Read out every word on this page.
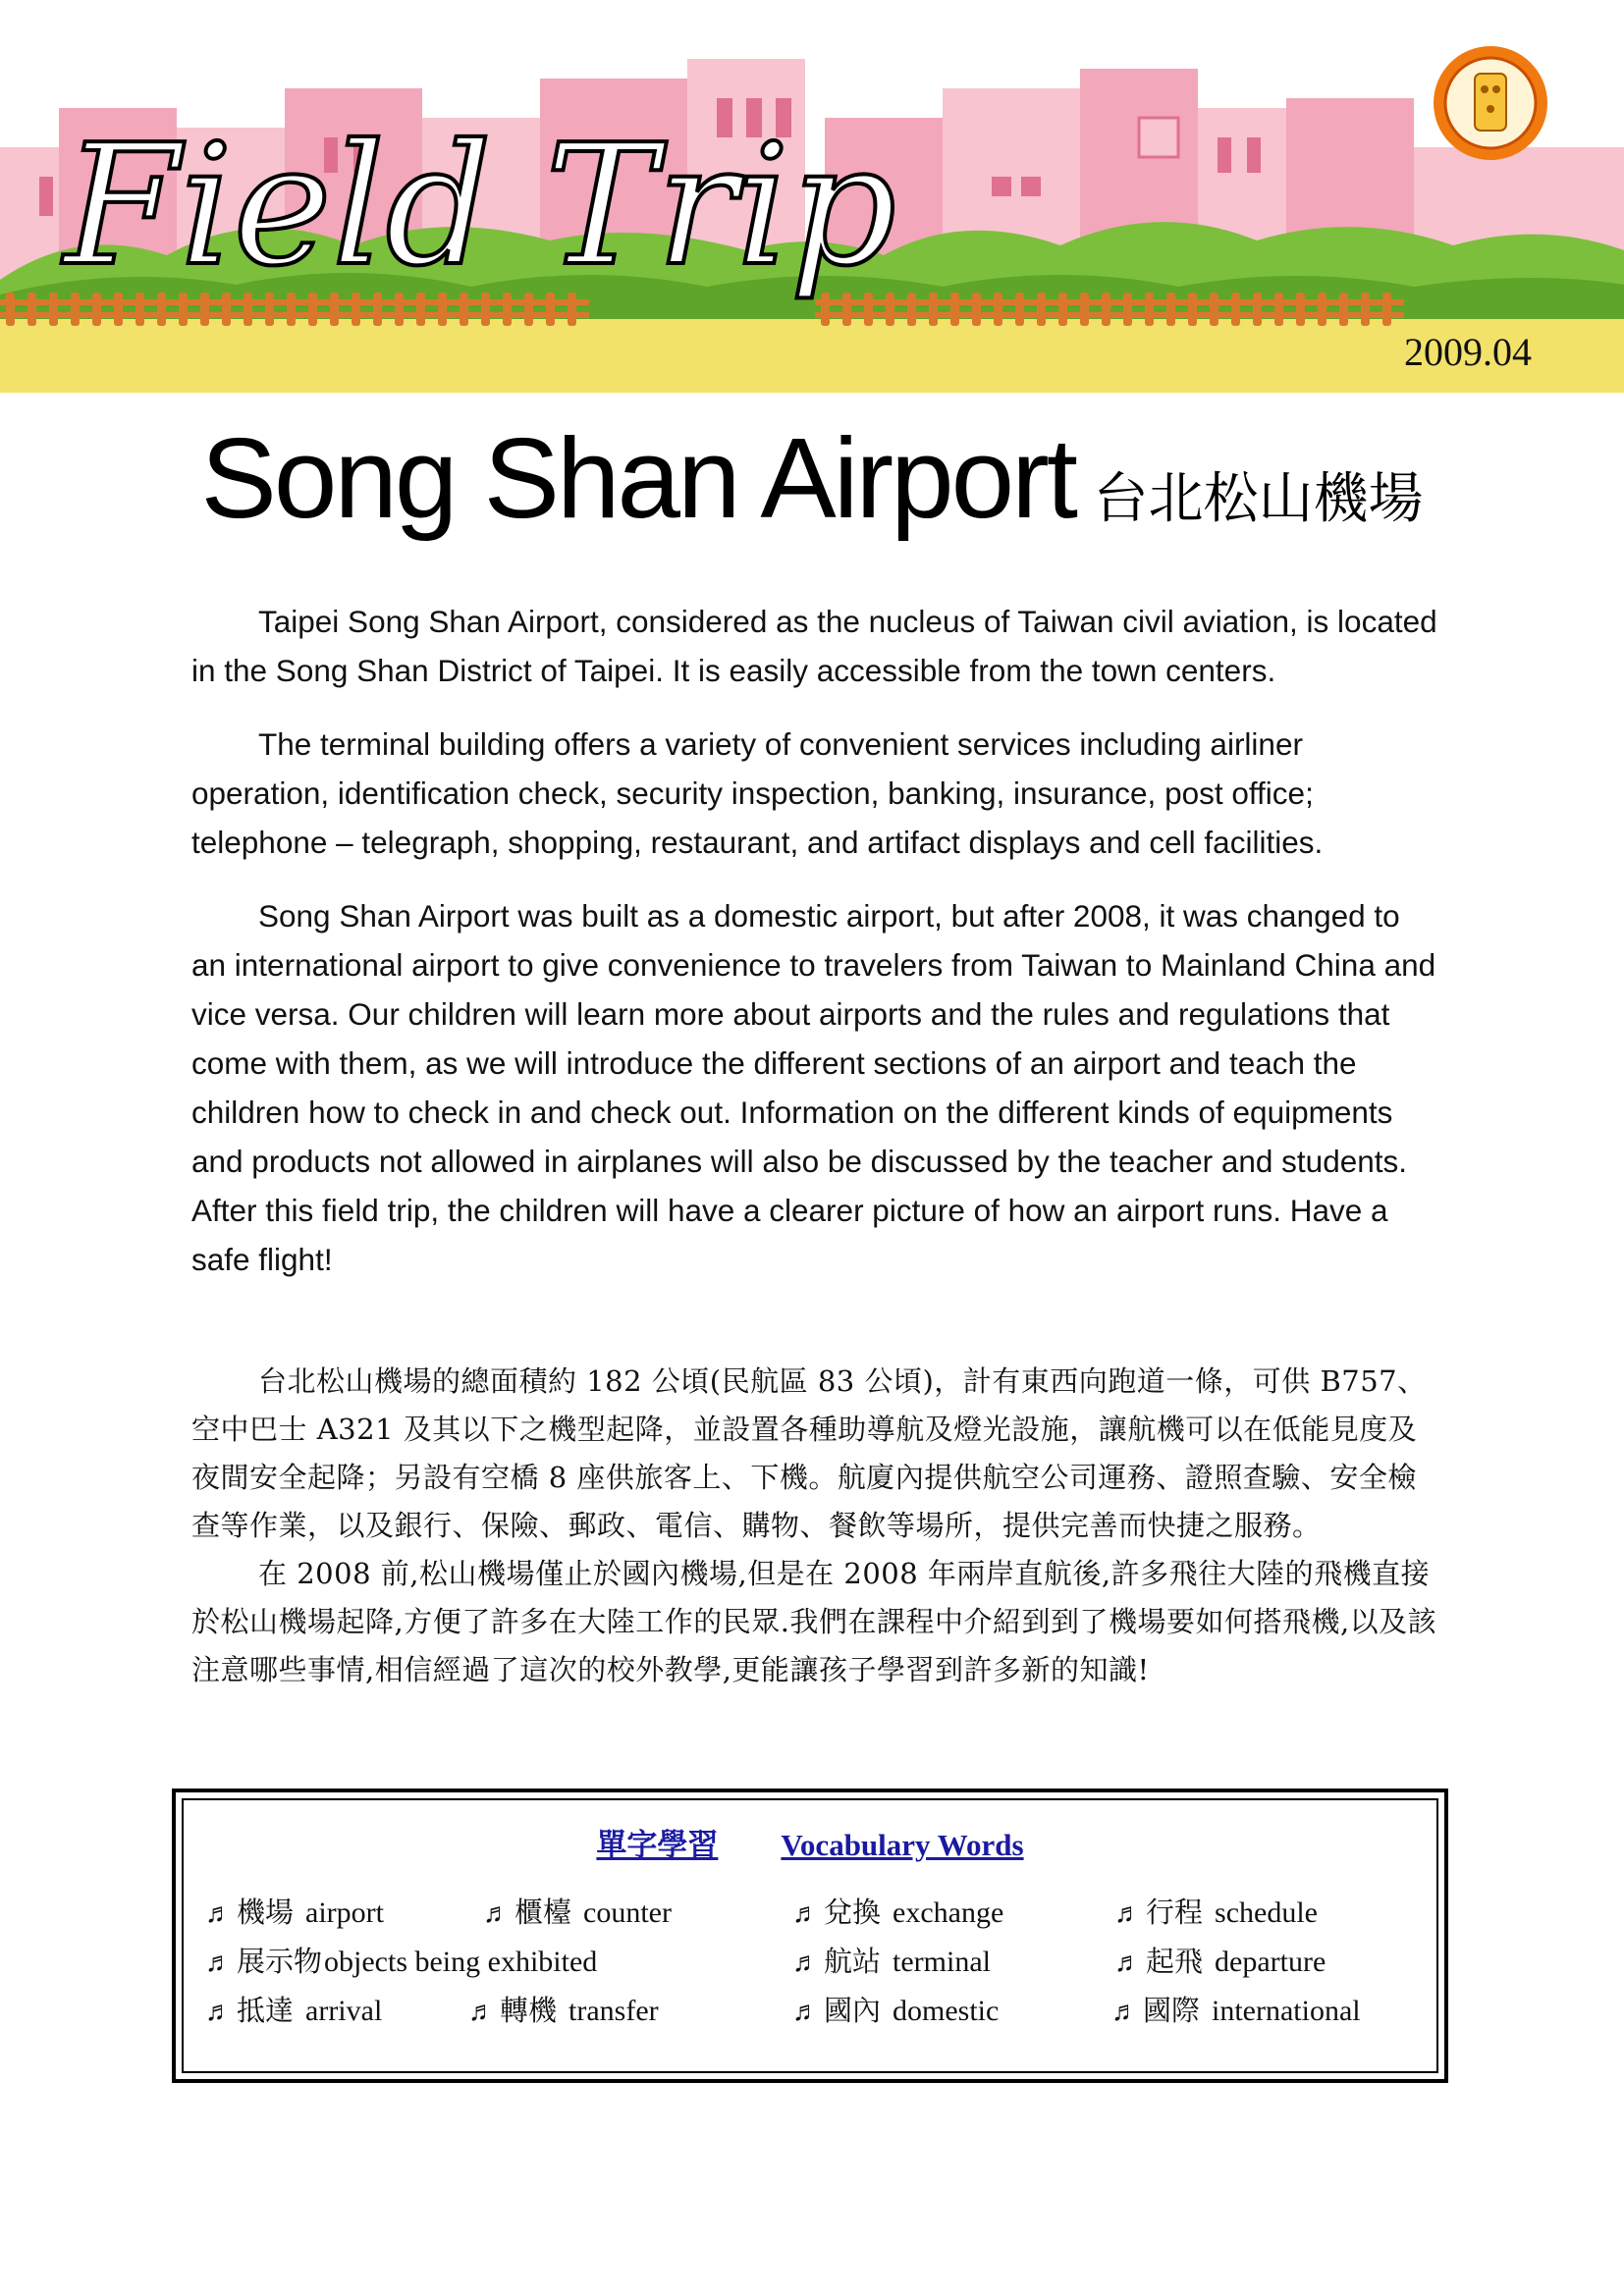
Field Trip
2009.04
Song Shan Airport 台北松山機場

Taipei Song Shan Airport, considered as the nucleus of Taiwan civil aviation, is located in the Song Shan District of Taipei. It is easily accessible from the town centers.

The terminal building offers a variety of convenient services including airliner operation, identification check, security inspection, banking, insurance, post office; telephone – telegraph, shopping, restaurant, and artifact displays and cell facilities.

Song Shan Airport was built as a domestic airport, but after 2008, it was changed to an international airport to give convenience to travelers from Taiwan to Mainland China and vice versa. Our children will learn more about airports and the rules and regulations that come with them, as we will introduce the different sections of an airport and teach the children how to check in and check out. Information on the different kinds of equipments and products not allowed in airplanes will also be discussed by the teacher and students. After this field trip, the children will have a clearer picture of how an airport runs. Have a safe flight!

台北松山機場的總面積約 182 公頃(民航區 83 公頃)，計有東西向跑道一條，可供 B757、空中巴士 A321 及其以下之機型起降，並設置各種助導航及燈光設施，讓航機可以在低能見度及夜間安全起降；另設有空橋 8 座供旅客上、下機。航廈內提供航空公司運務、證照查驗、安全檢查等作業，以及銀行、保險、郵政、電信、購物、餐飲等場所，提供完善而快捷之服務。

在 2008 前,松山機場僅止於國內機場,但是在 2008 年兩岸直航後,許多飛往大陸的飛機直接於松山機場起降,方便了許多在大陸工作的民眾.我們在課程中介紹到到了機場要如何搭飛機,以及該注意哪些事情,相信經過了這次的校外教學,更能讓孩子學習到許多新的知識!

單字學習 Vocabulary Words
♬ 機場 airport	♬ 櫃檯 counter	♬ 兌換 exchange	♬ 行程 schedule
♬ 展示物objects being exhibited	♬ 航站 terminal	♬ 起飛 departure
♬ 抵達 arrival	♬ 轉機 transfer	♬ 國內 domestic	♬ 國際 international
